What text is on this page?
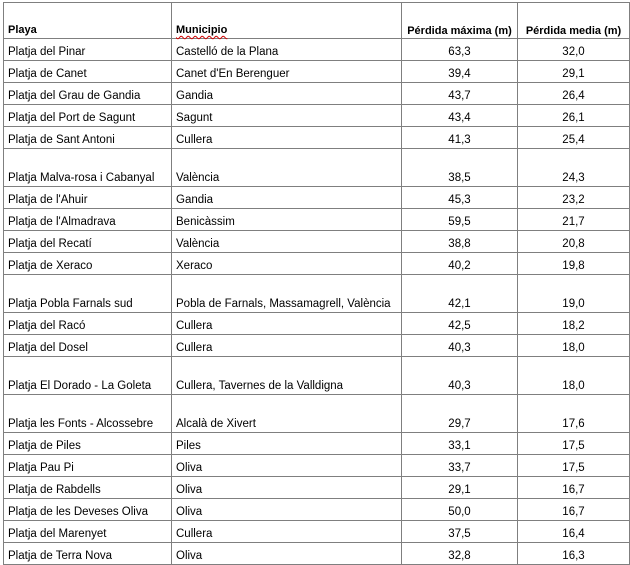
Playa	Municipio	Pérdida máxima (m)	Pérdida media (m)
Platja del Pinar	Castelló de la Plana	63,3	32,0
Platja de Canet	Canet d'En Berenguer	39,4	29,1
Platja del Grau de Gandia	Gandia	43,7	26,4
Platja del Port de Sagunt	Sagunt	43,4	26,1
Platja de Sant Antoni	Cullera	41,3	25,4
Platja Malva-rosa i Cabanyal	València	38,5	24,3
Platja de l'Ahuir	Gandia	45,3	23,2
Platja de l'Almadrava	Benicàssim	59,5	21,7
Platja del Recatí	València	38,8	20,8
Platja de Xeraco	Xeraco	40,2	19,8
Platja Pobla Farnals sud	Pobla de Farnals, Massamagrell, València	42,1	19,0
Platja del Racó	Cullera	42,5	18,2
Platja del Dosel	Cullera	40,3	18,0
Platja El Dorado - La Goleta	Cullera, Tavernes de la Valldigna	40,3	18,0
Platja les Fonts - Alcossebre	Alcalà de Xivert	29,7	17,6
Platja de Piles	Piles	33,1	17,5
Platja Pau Pi	Oliva	33,7	17,5
Platja de Rabdells	Oliva	29,1	16,7
Platja de les Deveses Oliva	Oliva	50,0	16,7
Platja del Marenyet	Cullera	37,5	16,4
Platja de Terra Nova	Oliva	32,8	16,3
